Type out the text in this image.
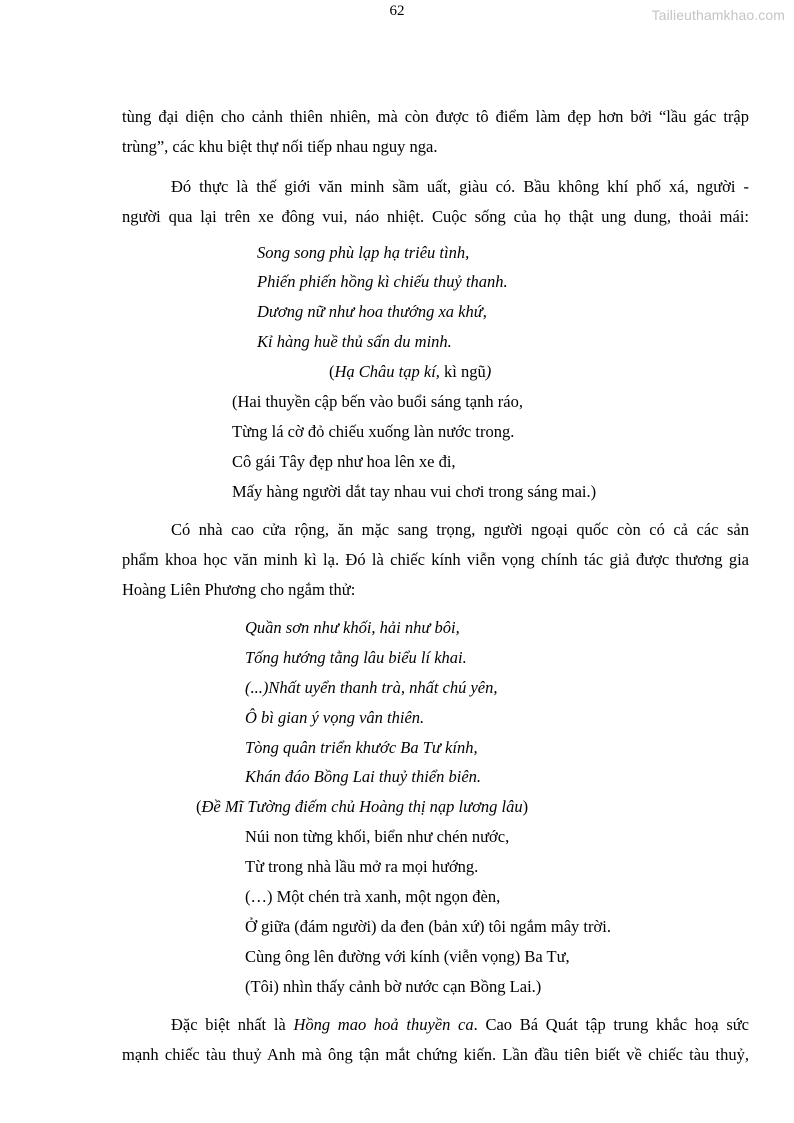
62	Tailieuthamkhao.com
tùng đại diện cho cảnh thiên nhiên, mà còn được tô điểm làm đẹp hơn bởi “lầu gác trập
trùng”, các khu biệt thự nối tiếp nhau nguy nga.
Đó thực là thế giới văn minh sầm uất, giàu có. Bầu không khí phố xá, người -
người qua lại trên xe đông vui, náo nhiệt. Cuộc sống của họ thật ung dung, thoải mái:
Song song phù lạp hạ triêu tình,
Phiến phiến hồng kì chiếu thuỷ thanh.
Dương nữ như hoa thướng xa khứ,
Kỉ hàng huề thủ sấn du minh.
(Hạ Châu tạp kí, kì ngũ)
(Hai thuyền cập bến vào buổi sáng tạnh ráo,
Từng lá cờ đỏ chiếu xuống làn nước trong.
Cô gái Tây đẹp như hoa lên xe đi,
Mấy hàng người dắt tay nhau vui chơi trong sáng mai.)
Có nhà cao cửa rộng, ăn mặc sang trọng, người ngoại quốc còn có cả các sản
phẩm khoa học văn minh kì lạ. Đó là chiếc kính viễn vọng chính tác giả được thương gia
Hoàng Liên Phương cho ngắm thử:
Quần sơn như khối, hải như bôi,
Tống hướng tằng lâu biểu lí khai.
(...)Nhất uyển thanh trà, nhất chú yên,
Ô bì gian ý vọng vân thiên.
Tòng quân triển khước Ba Tư kính,
Khán đáo Bồng Lai thuỷ thiển biên.
(Đề Mĩ Tường điếm chủ Hoàng thị nạp lương lâu)
Núi non từng khối, biển như chén nước,
Từ trong nhà lầu mở ra mọi hướng.
(…) Một chén trà xanh, một ngọn đèn,
Ở giữa (đám người) da đen (bản xứ) tôi ngắm mây trời.
Cùng ông lên đường với kính (viễn vọng) Ba Tư,
(Tôi) nhìn thấy cảnh bờ nước cạn Bồng Lai.)
Đặc biệt nhất là Hồng mao hoả thuyền ca. Cao Bá Quát tập trung khắc hoạ sức
mạnh chiếc tàu thuỷ Anh mà ông tận mắt chứng kiến. Lần đầu tiên biết về chiếc tàu thuỷ,
